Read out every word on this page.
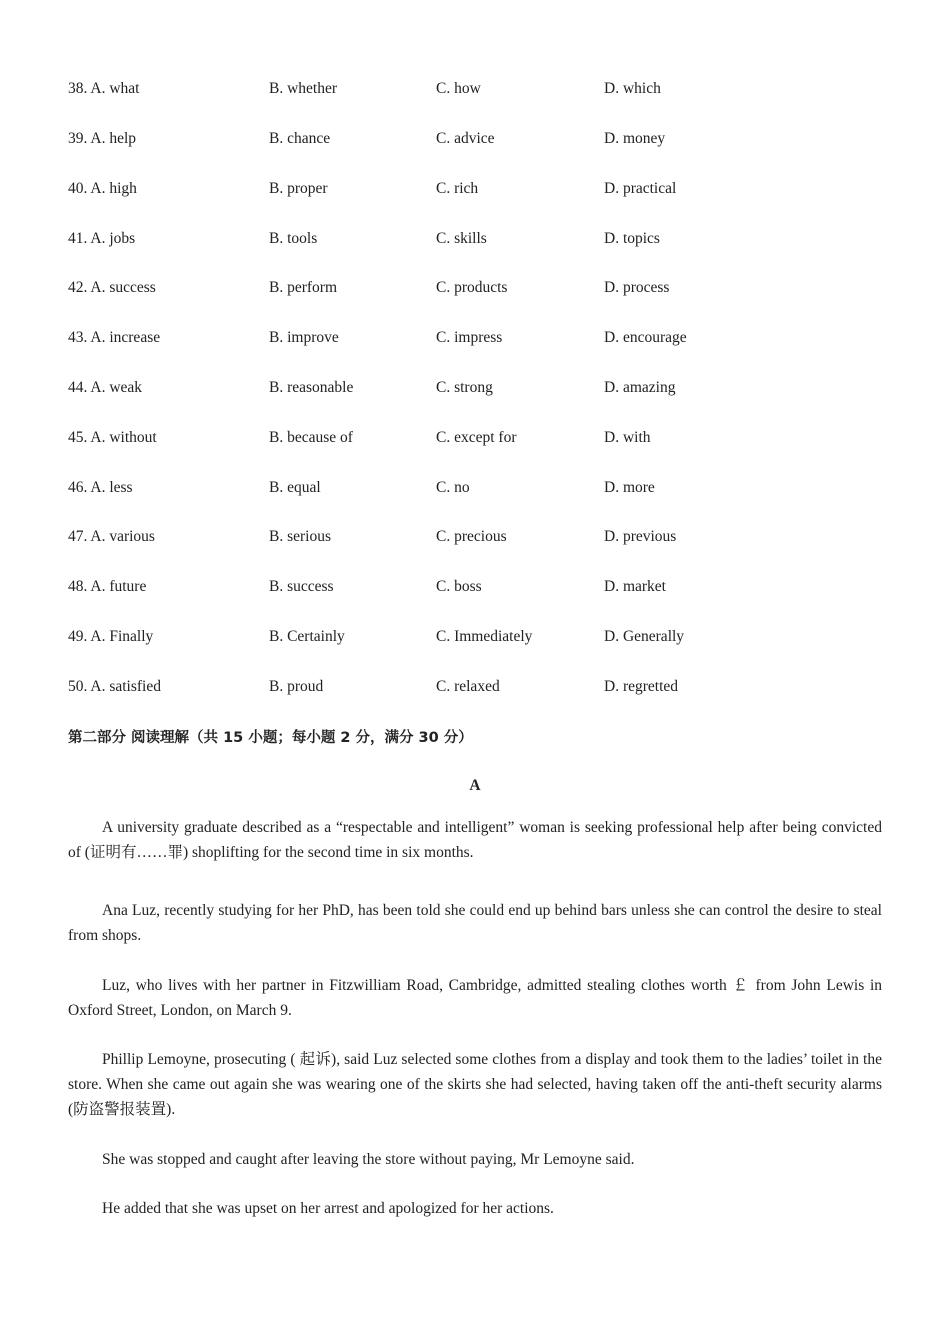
38. A. what	B. whether	C. how	D. which
39. A. help	B. chance	C. advice	D. money
40. A. high	B. proper	C. rich	D. practical
41. A. jobs	B. tools	C. skills	D. topics
42. A. success	B. perform	C. products	D. process
43. A. increase	B. improve	C. impress	D. encourage
44. A. weak	B. reasonable	C. strong	D. amazing
45. A. without	B. because of	C. except for	D. with
46. A. less	B. equal	C. no	D. more
47. A. various	B. serious	C. precious	D. previous
48. A. future	B. success	C. boss	D. market
49. A. Finally	B. Certainly	C. Immediately	D. Generally
50. A. satisfied	B. proud	C. relaxed	D. regretted
第二部分 阅读理解（共 15 小题；每小题 2 分，满分 30 分）
A

A university graduate described as a “respectable and intelligent” woman is seeking professional help after being convicted of (证明有……罪) shoplifting for the second time in six months.

Ana Luz, recently studying for her PhD, has been told she could end up behind bars unless she can control the desire to steal from shops.

Luz, who lives with her partner in Fitzwilliam Road, Cambridge, admitted stealing clothes worth ￡ from John Lewis in Oxford Street, London, on March 9.

Phillip Lemoyne, prosecuting ( 起诉), said Luz selected some clothes from a display and took them to the ladies’ toilet in the store. When she came out again she was wearing one of the skirts she had selected, having taken off the anti-theft security alarms (防盗警报装置).

She was stopped and caught after leaving the store without paying, Mr Lemoyne said.

He added that she was upset on her arrest and apologized for her actions.
